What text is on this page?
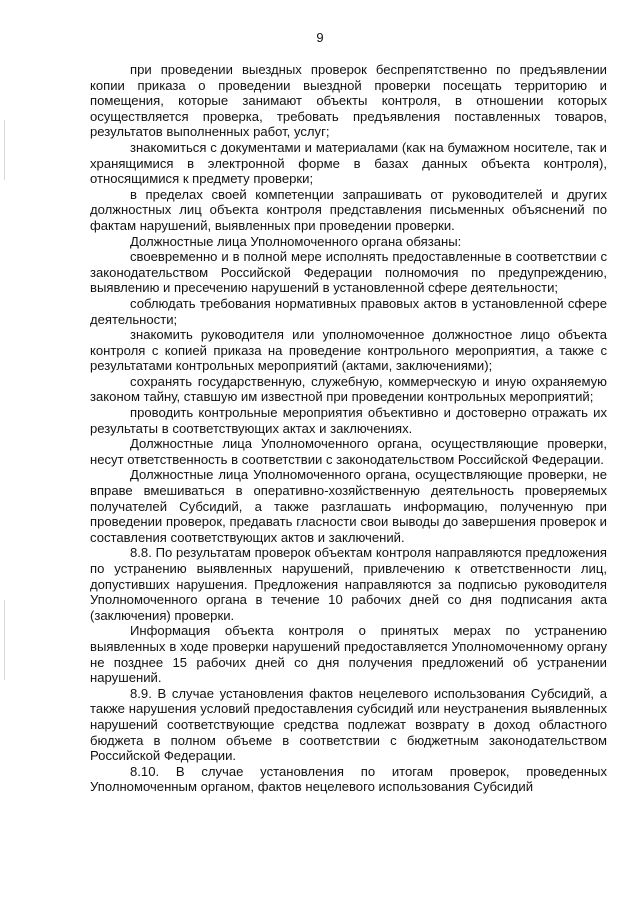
9

при проведении выездных проверок беспрепятственно по предъявлении копии приказа о проведении выездной проверки посещать территорию и помещения, которые занимают объекты контроля, в отношении которых осуществляется проверка, требовать предъявления поставленных товаров, результатов выполненных работ, услуг;

знакомиться с документами и материалами (как на бумажном носителе, так и хранящимися в электронной форме в базах данных объекта контроля), относящимися к предмету проверки;

в пределах своей компетенции запрашивать от руководителей и других должностных лиц объекта контроля представления письменных объяснений по фактам нарушений, выявленных при проведении проверки.

Должностные лица Уполномоченного органа обязаны:

своевременно и в полной мере исполнять предоставленные в соответствии с законодательством Российской Федерации полномочия по предупреждению, выявлению и пресечению нарушений в установленной сфере деятельности;

соблюдать требования нормативных правовых актов в установленной сфере деятельности;

знакомить руководителя или уполномоченное должностное лицо объекта контроля с копией приказа на проведение контрольного мероприятия, а также с результатами контрольных мероприятий (актами, заключениями);

сохранять государственную, служебную, коммерческую и иную охраняемую законом тайну, ставшую им известной при проведении контрольных мероприятий;

проводить контрольные мероприятия объективно и достоверно отражать их результаты в соответствующих актах и заключениях.

Должностные лица Уполномоченного органа, осуществляющие проверки, несут ответственность в соответствии с законодательством Российской Федерации.

Должностные лица Уполномоченного органа, осуществляющие проверки, не вправе вмешиваться в оперативно-хозяйственную деятельность проверяемых получателей Субсидий, а также разглашать информацию, полученную при проведении проверок, предавать гласности свои выводы до завершения проверок и составления соответствующих актов и заключений.

8.8. По результатам проверок объектам контроля направляются предложения по устранению выявленных нарушений, привлечению к ответственности лиц, допустивших нарушения. Предложения направляются за подписью руководителя Уполномоченного органа в течение 10 рабочих дней со дня подписания акта (заключения) проверки.

Информация объекта контроля о принятых мерах по устранению выявленных в ходе проверки нарушений предоставляется Уполномоченному органу не позднее 15 рабочих дней со дня получения предложений об устранении нарушений.

8.9. В случае установления фактов нецелевого использования Субсидий, а также нарушения условий предоставления субсидий или неустранения выявленных нарушений соответствующие средства подлежат возврату в доход областного бюджета в полном объеме в соответствии с бюджетным законодательством Российской Федерации.

8.10. В случае установления по итогам проверок, проведенных Уполномоченным органом, фактов нецелевого использования Субсидий
